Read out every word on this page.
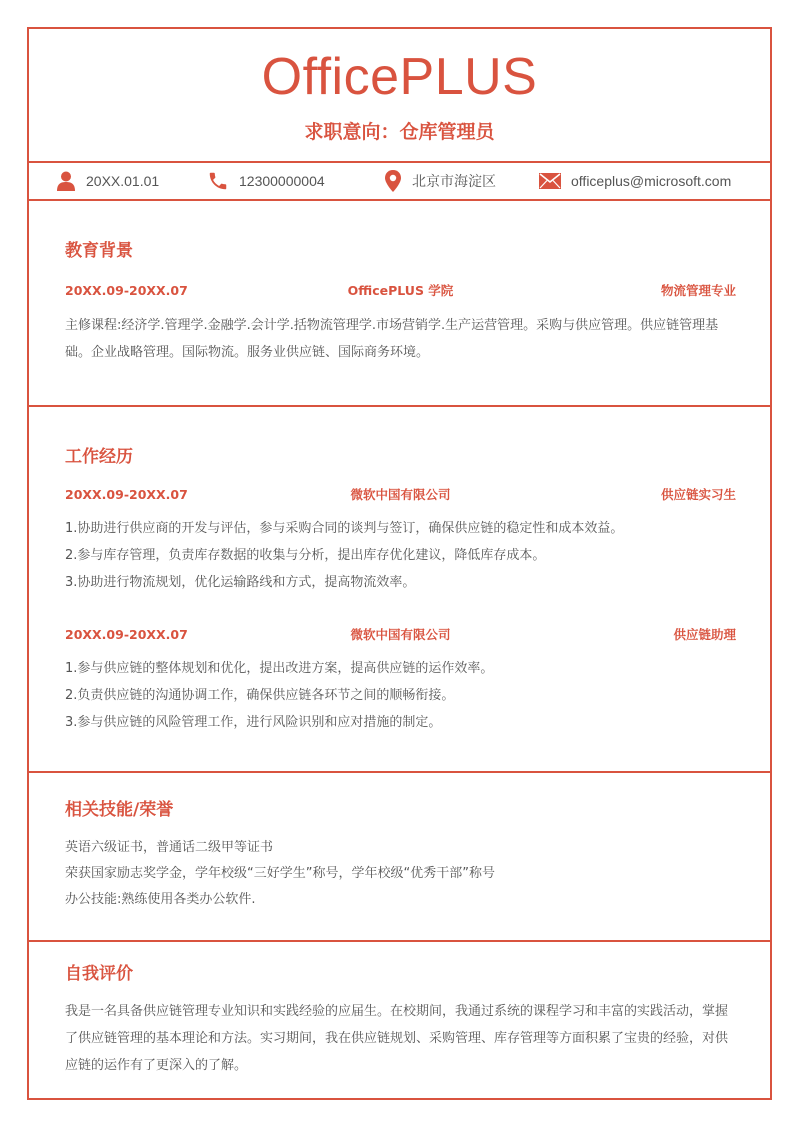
OfficePLUS
求职意向：仓库管理员
20XX.01.01	12300000004	北京市海淀区	officeplus@microsoft.com
教育背景
20XX.09-20XX.07	OfficePLUS 学院	物流管理专业
主修课程:经济学.管理学.金融学.会计学.括物流管理学.市场营销学.生产运营管理。采购与供应管理。供应链管理基础。企业战略管理。国际物流。服务业供应链、国际商务环境。
工作经历
20XX.09-20XX.07	微软中国有限公司	供应链实习生

1.协助进行供应商的开发与评估，参与采购合同的谈判与签订，确保供应链的稳定性和成本效益。

2.参与库存管理，负责库存数据的收集与分析，提出库存优化建议，降低库存成本。

3.协助进行物流规划，优化运输路线和方式，提高物流效率。

20XX.09-20XX.07	微软中国有限公司	供应链助理

1.参与供应链的整体规划和优化，提出改进方案，提高供应链的运作效率。

2.负责供应链的沟通协调工作，确保供应链各环节之间的顺畅衔接。

3.参与供应链的风险管理工作，进行风险识别和应对措施的制定。

相关技能/荣誉

英语六级证书，普通话二级甲等证书

荣获国家励志奖学金，学年校级“三好学生”称号，学年校级“优秀干部”称号

办公技能:熟练使用各类办公软件.

自我评价
我是一名具备供应链管理专业知识和实践经验的应届生。在校期间，我通过系统的课程学习和丰富的实践活动，掌握了供应链管理的基本理论和方法。实习期间，我在供应链规划、采购管理、库存管理等方面积累了宝贵的经验，对供应链的运作有了更深入的了解。
